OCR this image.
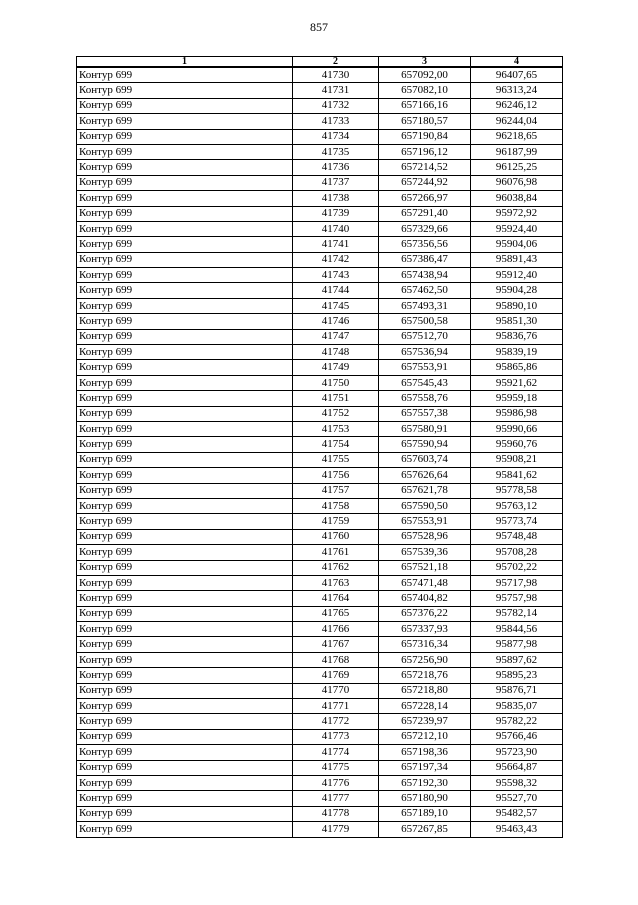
857
1	2	3	4
Контур 699	41730	657092,00	96407,65
Контур 699	41731	657082,10	96313,24
Контур 699	41732	657166,16	96246,12
Контур 699	41733	657180,57	96244,04
Контур 699	41734	657190,84	96218,65
Контур 699	41735	657196,12	96187,99
Контур 699	41736	657214,52	96125,25
Контур 699	41737	657244,92	96076,98
Контур 699	41738	657266,97	96038,84
Контур 699	41739	657291,40	95972,92
Контур 699	41740	657329,66	95924,40
Контур 699	41741	657356,56	95904,06
Контур 699	41742	657386,47	95891,43
Контур 699	41743	657438,94	95912,40
Контур 699	41744	657462,50	95904,28
Контур 699	41745	657493,31	95890,10
Контур 699	41746	657500,58	95851,30
Контур 699	41747	657512,70	95836,76
Контур 699	41748	657536,94	95839,19
Контур 699	41749	657553,91	95865,86
Контур 699	41750	657545,43	95921,62
Контур 699	41751	657558,76	95959,18
Контур 699	41752	657557,38	95986,98
Контур 699	41753	657580,91	95990,66
Контур 699	41754	657590,94	95960,76
Контур 699	41755	657603,74	95908,21
Контур 699	41756	657626,64	95841,62
Контур 699	41757	657621,78	95778,58
Контур 699	41758	657590,50	95763,12
Контур 699	41759	657553,91	95773,74
Контур 699	41760	657528,96	95748,48
Контур 699	41761	657539,36	95708,28
Контур 699	41762	657521,18	95702,22
Контур 699	41763	657471,48	95717,98
Контур 699	41764	657404,82	95757,98
Контур 699	41765	657376,22	95782,14
Контур 699	41766	657337,93	95844,56
Контур 699	41767	657316,34	95877,98
Контур 699	41768	657256,90	95897,62
Контур 699	41769	657218,76	95895,23
Контур 699	41770	657218,80	95876,71
Контур 699	41771	657228,14	95835,07
Контур 699	41772	657239,97	95782,22
Контур 699	41773	657212,10	95766,46
Контур 699	41774	657198,36	95723,90
Контур 699	41775	657197,34	95664,87
Контур 699	41776	657192,30	95598,32
Контур 699	41777	657180,90	95527,70
Контур 699	41778	657189,10	95482,57
Контур 699	41779	657267,85	95463,43
